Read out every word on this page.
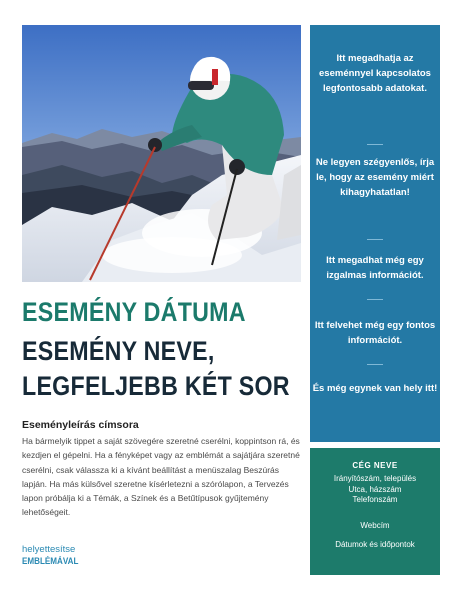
ESEMÉNY DÁTUMA
ESEMÉNY NEVE,
LEGFELJEBB KÉT SOR
Eseményleírás címsora
Ha bármelyik tippet a saját szövegére szeretné cserélni, koppintson rá, és kezdjen el gépelni. Ha a fényképet vagy az emblémát a sajátjára szeretné cserélni, csak válassza ki a kívánt beállítást a menüszalag Beszúrás lapján. Ha más külsővel szeretne kísérletezni a szórólapon, a Tervezés lapon próbálja ki a Témák, a Színek és a Betűtípusok gyűjtemény lehetőségeit.
helyettesítse
EMBLÉMÁVAL
Itt megadhatja az eseménnyel kapcsolatos legfontosabb adatokat.
Ne legyen szégyenlős, írja le, hogy az esemény miért kihagyhatatlan!
Itt megadhat még egy izgalmas információt.
Itt felvehet még egy fontos információt.
És még egynek van hely itt!
CÉG NEVE
Irányítószám, település
Utca, házszám
Telefonszám
Webcím
Dátumok és időpontok
